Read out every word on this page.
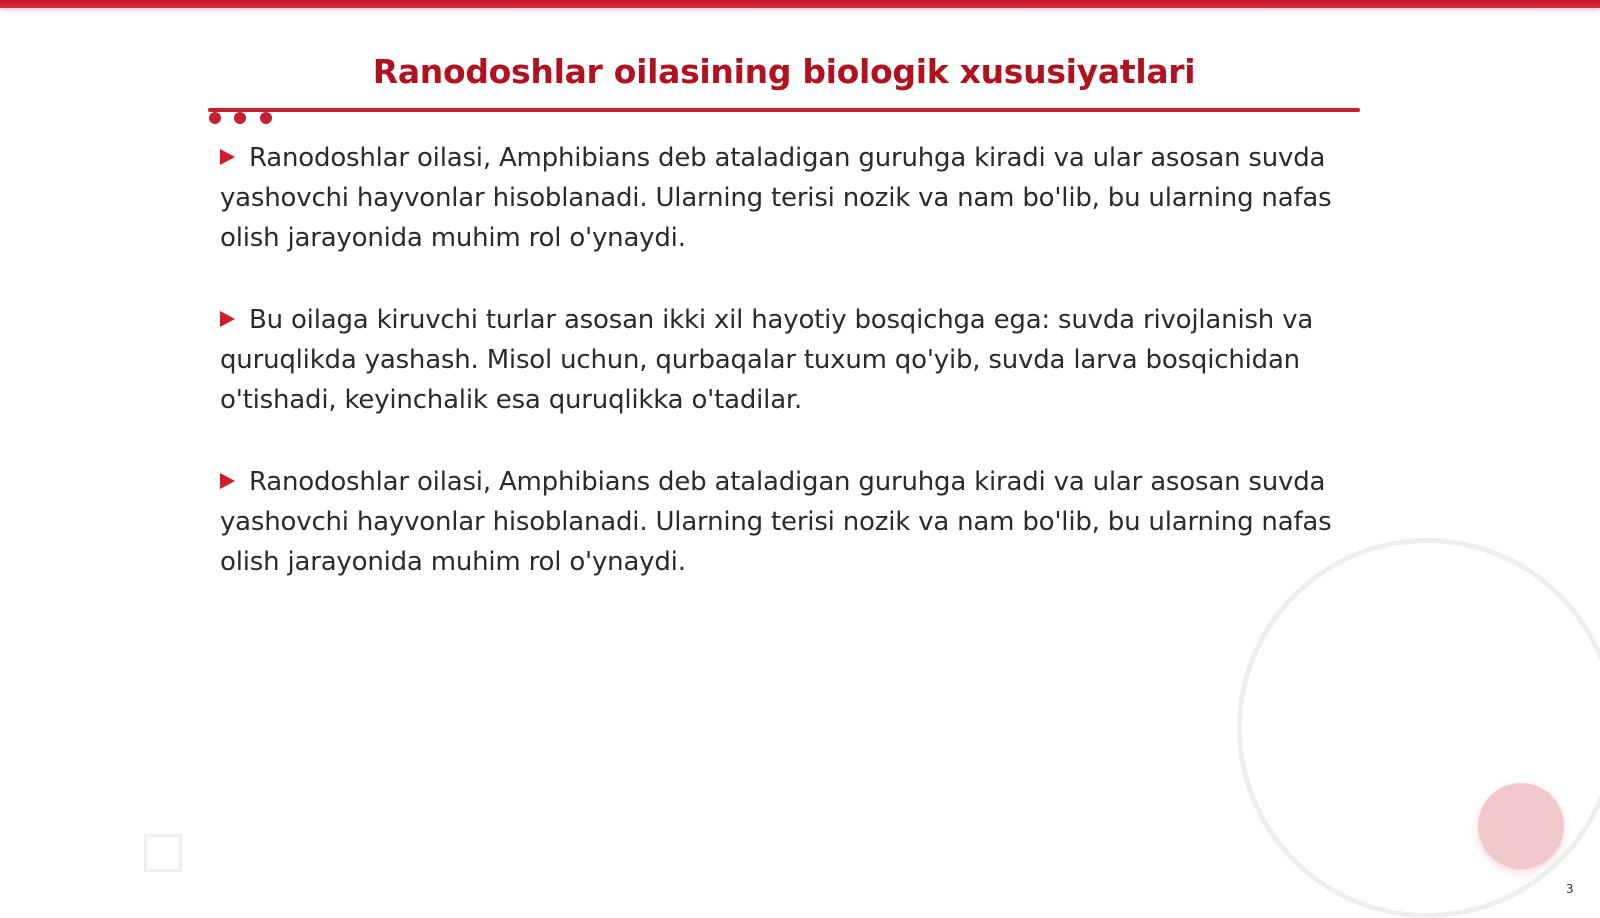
Ranodoshlar oilasining biologik xususiyatlari

Ranodoshlar oilasi, Amphibians deb ataladigan guruhga kiradi va ular asosan suvda yashovchi hayvonlar hisoblanadi. Ularning terisi nozik va nam bo'lib, bu ularning nafas olish jarayonida muhim rol o'ynaydi.

Bu oilaga kiruvchi turlar asosan ikki xil hayotiy bosqichga ega: suvda rivojlanish va quruqlikda yashash. Misol uchun, qurbaqalar tuxum qo'yib, suvda larva bosqichidan o'tishadi, keyinchalik esa quruqlikka o'tadilar.

Ranodoshlar oilasi, Amphibians deb ataladigan guruhga kiradi va ular asosan suvda yashovchi hayvonlar hisoblanadi. Ularning terisi nozik va nam bo'lib, bu ularning nafas olish jarayonida muhim rol o'ynaydi.

3
